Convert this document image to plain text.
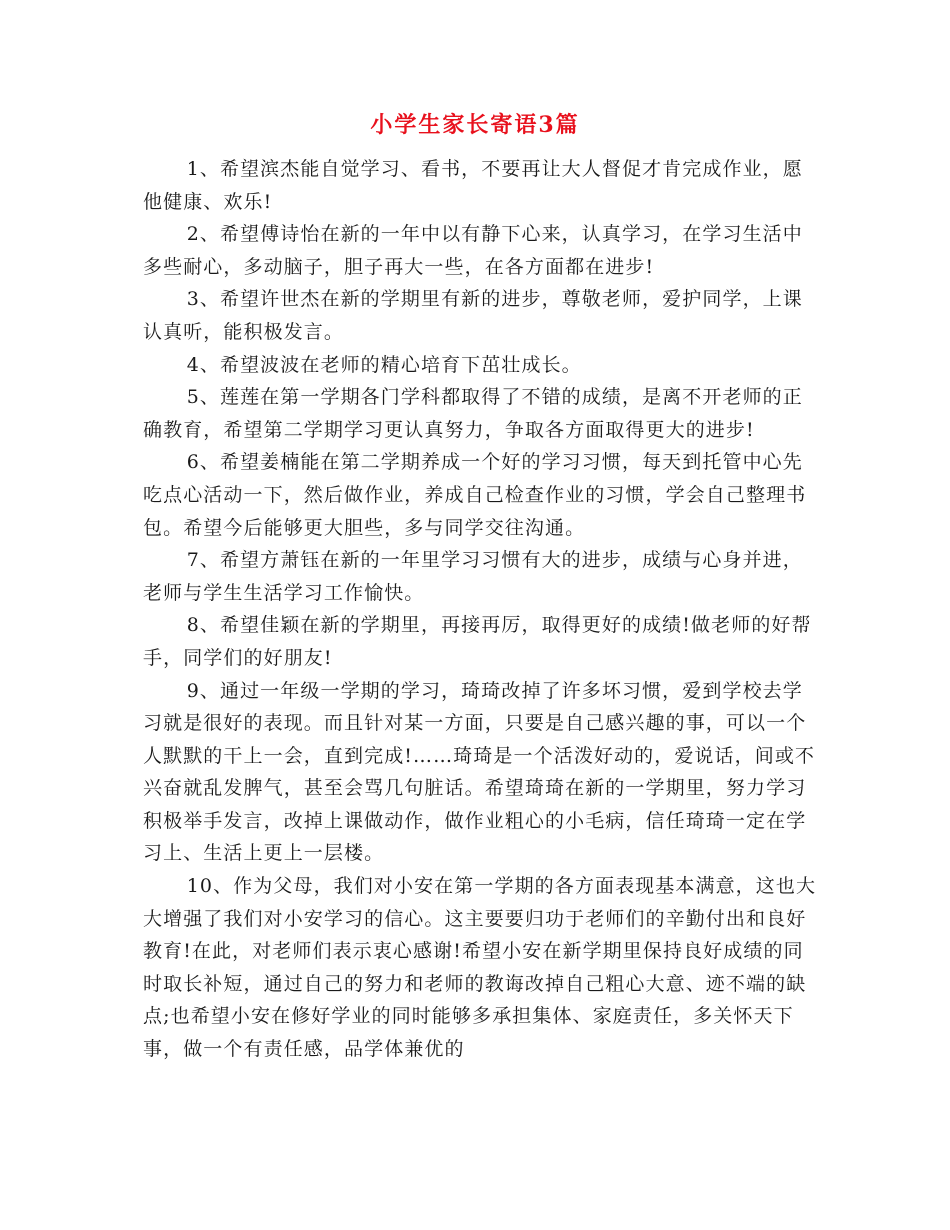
小学生家长寄语3篇

1、希望滨杰能自觉学习、看书，不要再让大人督促才肯完成作业，愿他健康、欢乐!

2、希望傅诗怡在新的一年中以有静下心来，认真学习，在学习生活中多些耐心，多动脑子，胆子再大一些，在各方面都在进步!

3、希望许世杰在新的学期里有新的进步，尊敬老师，爱护同学，上课认真听，能积极发言。

4、希望波波在老师的精心培育下茁壮成长。

5、莲莲在第一学期各门学科都取得了不错的成绩，是离不开老师的正确教育，希望第二学期学习更认真努力，争取各方面取得更大的进步!

6、希望姜楠能在第二学期养成一个好的学习习惯，每天到托管中心先吃点心活动一下，然后做作业，养成自己检查作业的习惯，学会自己整理书包。希望今后能够更大胆些，多与同学交往沟通。

7、希望方萧钰在新的一年里学习习惯有大的进步，成绩与心身并进，老师与学生生活学习工作愉快。

8、希望佳颖在新的学期里，再接再厉，取得更好的成绩!做老师的好帮手，同学们的好朋友!

9、通过一年级一学期的学习，琦琦改掉了许多坏习惯，爱到学校去学习就是很好的表现。而且针对某一方面，只要是自己感兴趣的事，可以一个人默默的干上一会，直到完成!……琦琦是一个活泼好动的，爱说话，间或不兴奋就乱发脾气，甚至会骂几句脏话。希望琦琦在新的一学期里，努力学习积极举手发言，改掉上课做动作，做作业粗心的小毛病，信任琦琦一定在学习上、生活上更上一层楼。

10、作为父母，我们对小安在第一学期的各方面表现基本满意，这也大大增强了我们对小安学习的信心。这主要要归功于老师们的辛勤付出和良好教育!在此，对老师们表示衷心感谢!希望小安在新学期里保持良好成绩的同时取长补短，通过自己的努力和老师的教诲改掉自己粗心大意、迹不端的缺点;也希望小安在修好学业的同时能够多承担集体、家庭责任，多关怀天下事，做一个有责任感，品学体兼优的
